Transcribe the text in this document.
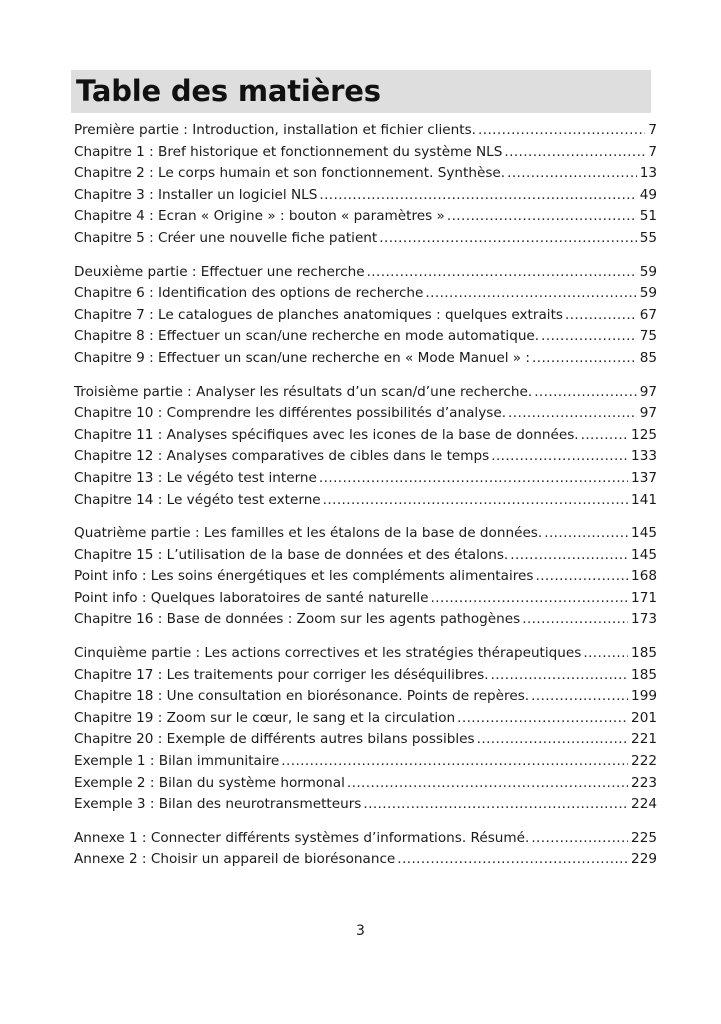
Table des matières
Première partie : Introduction, installation et fichier clients. .....	7
Chapitre 1 : Bref historique et fonctionnement du système NLS .....	7
Chapitre 2 : Le corps humain et son fonctionnement. Synthèse. .....	13
Chapitre 3 : Installer un logiciel NLS .....	49
Chapitre 4 : Ecran « Origine » : bouton « paramètres » .....	51
Chapitre 5 : Créer une nouvelle fiche patient .....	55
Deuxième partie : Effectuer une recherche .....	59
Chapitre 6 : Identification des options de recherche .....	59
Chapitre 7 : Le catalogues de planches anatomiques : quelques extraits .....	67
Chapitre 8 : Effectuer un scan/une recherche en mode automatique. .....	75
Chapitre 9 : Effectuer un scan/une recherche en « Mode Manuel » : .....	85
Troisième partie : Analyser les résultats d’un scan/d’une recherche. .....	97
Chapitre 10 : Comprendre les différentes possibilités d’analyse. .....	97
Chapitre 11 : Analyses spécifiques avec les icones de la base de données. .....	125
Chapitre 12 : Analyses comparatives de cibles dans le temps .....	133
Chapitre 13 : Le végéto test interne .....	137
Chapitre 14 : Le végéto test externe .....	141
Quatrième partie : Les familles et les étalons de la base de données. .....	145
Chapitre 15 : L’utilisation de la base de données et des étalons. .....	145
Point info : Les soins énergétiques et les compléments alimentaires .....	168
Point info : Quelques laboratoires de santé naturelle .....	171
Chapitre 16 : Base de données : Zoom sur les agents pathogènes .....	173
Cinquième partie : Les actions correctives et les stratégies thérapeutiques .....	185
Chapitre 17 : Les traitements pour corriger les déséquilibres. .....	185
Chapitre 18 : Une consultation en biorésonance. Points de repères. .....	199
Chapitre 19 : Zoom sur le cœur, le sang et la circulation .....	201
Chapitre 20 : Exemple de différents autres bilans possibles .....	221
Exemple 1 : Bilan immunitaire .....	222
Exemple 2 : Bilan du système hormonal .....	223
Exemple 3 : Bilan des neurotransmetteurs .....	224
Annexe 1 : Connecter différents systèmes d’informations. Résumé. .....	225
Annexe 2 : Choisir un appareil de biorésonance .....	229
3
